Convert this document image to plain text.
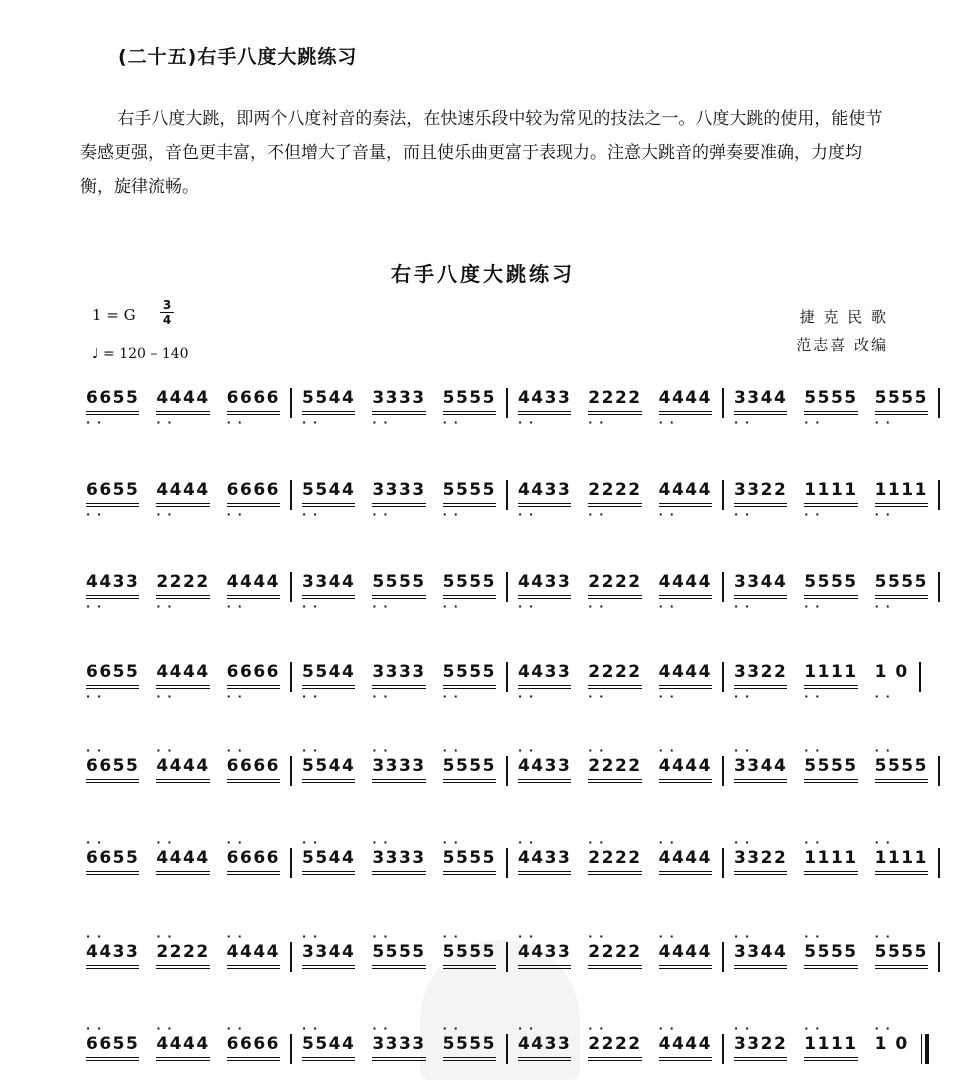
(二十五)右手八度大跳练习

右手八度大跳，即两个八度衬音的奏法，在快速乐段中较为常见的技法之一。八度大跳的使用，能使节奏感更强，音色更丰富，不但增大了音量，而且使乐曲更富于表现力。注意大跳音的弹奏要准确，力度均衡，旋律流畅。

右手八度大跳练习
1 = G
3
4
♩ = 120 – 140
捷 克 民 歌
范志喜 改编
6655
· ·
4444
· ·
6666
· ·
5544
· ·
3333
· ·
5555
· ·
4433
· ·
2222
· ·
4444
· ·
3344
· ·
5555
· ·
5555
· ·
6655
· ·
4444
· ·
6666
· ·
5544
· ·
3333
· ·
5555
· ·
4433
· ·
2222
· ·
4444
· ·
3322
· ·
1111
· ·
1111
· ·
4433
· ·
2222
· ·
4444
· ·
3344
· ·
5555
· ·
5555
· ·
4433
· ·
2222
· ·
4444
· ·
3344
· ·
5555
· ·
5555
· ·
6655
· ·
4444
· ·
6666
· ·
5544
· ·
3333
· ·
5555
· ·
4433
· ·
2222
· ·
4444
· ·
3322
· ·
1111
· ·
1 0
· ·
6655
· ·
4444
· ·
6666
· ·
5544
· ·
3333
· ·
5555
· ·
4433
· ·
2222
· ·
4444
· ·
3344
· ·
5555
· ·
5555
· ·
6655
· ·
4444
· ·
6666
· ·
5544
· ·
3333
· ·
5555
· ·
4433
· ·
2222
· ·
4444
· ·
3322
· ·
1111
· ·
1111
· ·
4433
· ·
2222
· ·
4444
· ·
3344
· ·
5555
· ·
5555
· ·
4433
· ·
2222
· ·
4444
· ·
3344
· ·
5555
· ·
5555
· ·
6655
· ·
4444
· ·
6666
· ·
5544
· ·
3333
· ·
5555
· ·
4433
· ·
2222
· ·
4444
· ·
3322
· ·
1111
· ·
1 0
· ·
